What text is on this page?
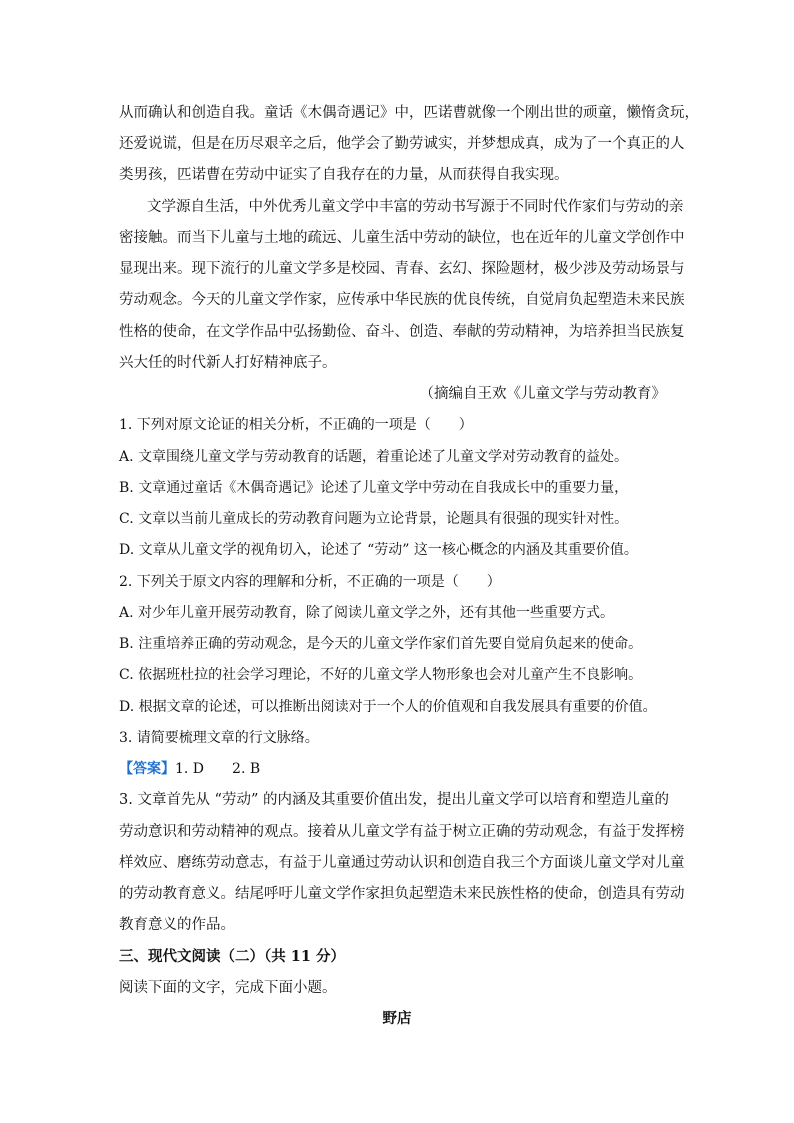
从而确认和创造自我。童话《木偶奇遇记》中，匹诺曹就像一个刚出世的顽童，懒惰贪玩，
还爱说谎，但是在历尽艰辛之后，他学会了勤劳诚实，并梦想成真，成为了一个真正的人
类男孩，匹诺曹在劳动中证实了自我存在的力量，从而获得自我实现。
文学源自生活，中外优秀儿童文学中丰富的劳动书写源于不同时代作家们与劳动的亲
密接触。而当下儿童与土地的疏远、儿童生活中劳动的缺位，也在近年的儿童文学创作中
显现出来。现下流行的儿童文学多是校园、青春、玄幻、探险题材，极少涉及劳动场景与
劳动观念。今天的儿童文学作家，应传承中华民族的优良传统，自觉肩负起塑造未来民族
性格的使命，在文学作品中弘扬勤俭、奋斗、创造、奉献的劳动精神，为培养担当民族复
兴大任的时代新人打好精神底子。
（摘编自王欢《儿童文学与劳动教育》
1. 下列对原文论证的相关分析，不正确的一项是（　　）
A. 文章围绕儿童文学与劳动教育的话题，着重论述了儿童文学对劳动教育的益处。
B. 文章通过童话《木偶奇遇记》论述了儿童文学中劳动在自我成长中的重要力量，
C. 文章以当前儿童成长的劳动教育问题为立论背景，论题具有很强的现实针对性。
D. 文章从儿童文学的视角切入，论述了 “劳动” 这一核心概念的内涵及其重要价值。
2. 下列关于原文内容的理解和分析，不正确的一项是（　　）
A. 对少年儿童开展劳动教育，除了阅读儿童文学之外，还有其他一些重要方式。
B. 注重培养正确的劳动观念，是今天的儿童文学作家们首先要自觉肩负起来的使命。
C. 依据班杜拉的社会学习理论，不好的儿童文学人物形象也会对儿童产生不良影响。
D. 根据文章的论述，可以推断出阅读对于一个人的价值观和自我发展具有重要的价值。
3. 请简要梳理文章的行文脉络。
【答案】1. D　　2. B
3. 文章首先从 “劳动” 的内涵及其重要价值出发，提出儿童文学可以培育和塑造儿童的
劳动意识和劳动精神的观点。接着从儿童文学有益于树立正确的劳动观念，有益于发挥榜
样效应、磨练劳动意志，有益于儿童通过劳动认识和创造自我三个方面谈儿童文学对儿童
的劳动教育意义。结尾呼吁儿童文学作家担负起塑造未来民族性格的使命，创造具有劳动
教育意义的作品。
三、现代文阅读（二）（共 11 分）
阅读下面的文字，完成下面小题。
野店
